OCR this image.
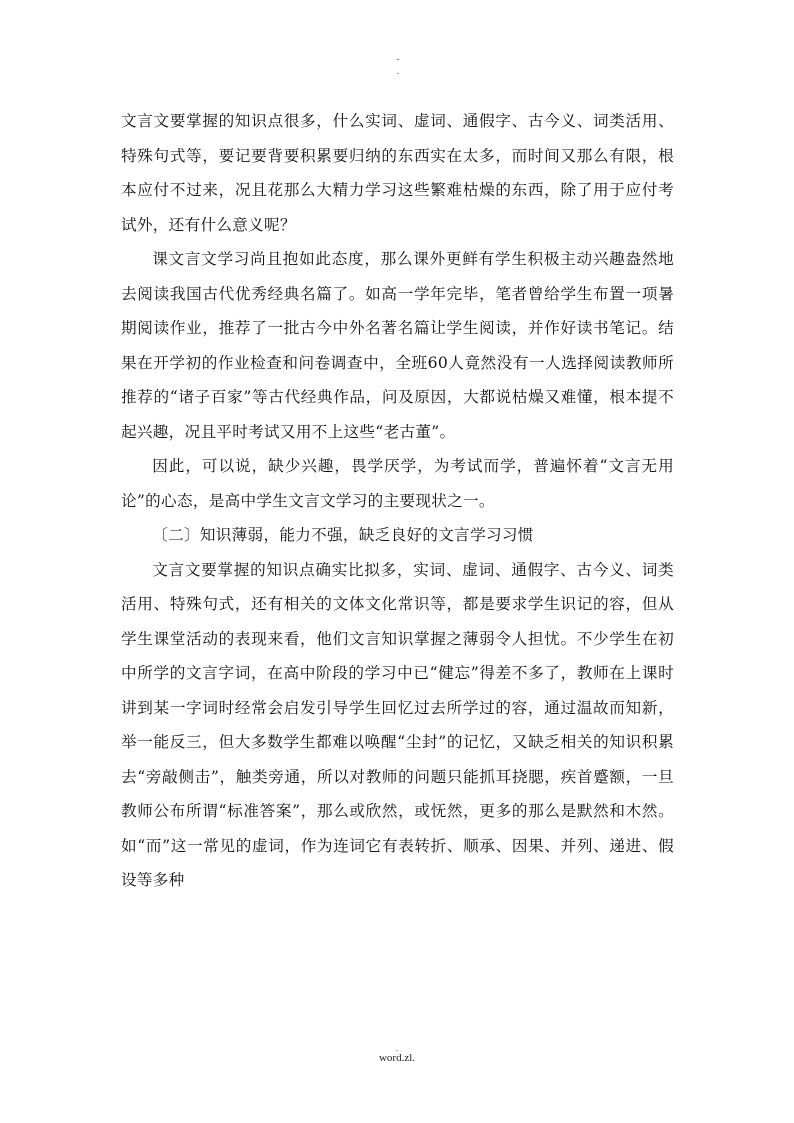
-
.

文言文要掌握的知识点很多，什么实词、虚词、通假字、古今义、词类活用、特殊句式等，要记要背要积累要归纳的东西实在太多，而时间又那么有限，根本应付不过来，况且花那么大精力学习这些繁难枯燥的东西，除了用于应付考试外，还有什么意义呢？

课文言文学习尚且抱如此态度，那么课外更鲜有学生积极主动兴趣盎然地去阅读我国古代优秀经典名篇了。如高一学年完毕，笔者曾给学生布置一项暑期阅读作业，推荐了一批古今中外名著名篇让学生阅读，并作好读书笔记。结果在开学初的作业检查和问卷调查中，全班60人竟然没有一人选择阅读教师所推荐的“诸子百家”等古代经典作品，问及原因，大都说枯燥又难懂，根本提不起兴趣，况且平时考试又用不上这些“老古董”。

因此，可以说，缺少兴趣，畏学厌学，为考试而学，普遍怀着“文言无用论”的心态，是高中学生文言文学习的主要现状之一。

〔二〕知识薄弱，能力不强，缺乏良好的文言学习习惯

文言文要掌握的知识点确实比拟多，实词、虚词、通假字、古今义、词类活用、特殊句式，还有相关的文体文化常识等，都是要求学生识记的容，但从学生课堂活动的表现来看，他们文言知识掌握之薄弱令人担忧。不少学生在初中所学的文言字词，在高中阶段的学习中已“健忘”得差不多了，教师在上课时讲到某一字词时经常会启发引导学生回忆过去所学过的容，通过温故而知新，举一能反三，但大多数学生都难以唤醒“尘封”的记忆，又缺乏相关的知识积累去“旁敲侧击”，触类旁通，所以对教师的问题只能抓耳挠腮，疾首蹙额，一旦教师公布所谓“标准答案”，那么或欣然，或怃然，更多的那么是默然和木然。如“而”这一常见的虚词，作为连词它有表转折、顺承、因果、并列、递进、假设等多种

.
word.zl.
